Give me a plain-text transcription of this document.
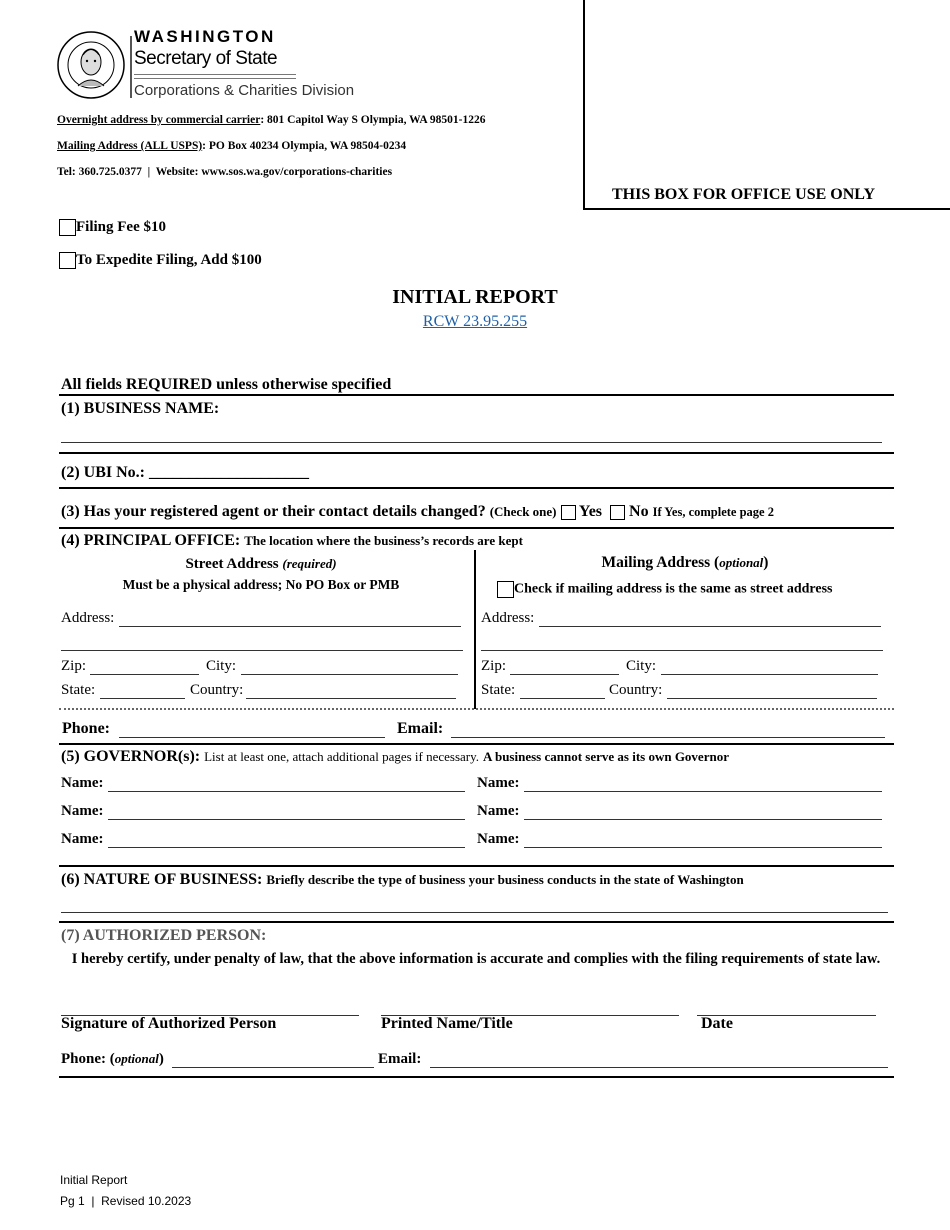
WASHINGTON
Secretary of State
Corporations & Charities Division
Overnight address by commercial carrier: 801 Capitol Way S Olympia, WA 98501-1226
Mailing Address (ALL USPS): PO Box 40234 Olympia, WA 98504-0234
Tel: 360.725.0377  |  Website: www.sos.wa.gov/corporations-charities
THIS BOX FOR OFFICE USE ONLY
Filing Fee $10
To Expedite Filing, Add $100
INITIAL REPORT
RCW 23.95.255
All fields REQUIRED unless otherwise specified
(1) BUSINESS NAME:
(2) UBI No.: ____________________
(3) Has your registered agent or their contact details changed? (Check one) Yes No If Yes, complete page 2
(4) PRINCIPAL OFFICE: The location where the business’s records are kept
Street Address (required)
Must be a physical address; No PO Box or PMB
Mailing Address (optional)
Check if mailing address is the same as street address
Address:
Zip:	City:
State:	Country:
Address:
Zip:	City:
State:	Country:
Phone:	Email:
(5) GOVERNOR(s): List at least one, attach additional pages if necessary. A business cannot serve as its own Governor
Name:	Name:
Name:	Name:
Name:	Name:
(6) NATURE OF BUSINESS: Briefly describe the type of business your business conducts in the state of Washington
(7) AUTHORIZED PERSON:
I hereby certify, under penalty of law, that the above information is accurate and complies with the filing requirements of state law.
Signature of Authorized Person	Printed Name/Title	Date
Phone: (optional)	Email:
Initial Report
Pg 1  |  Revised 10.2023
